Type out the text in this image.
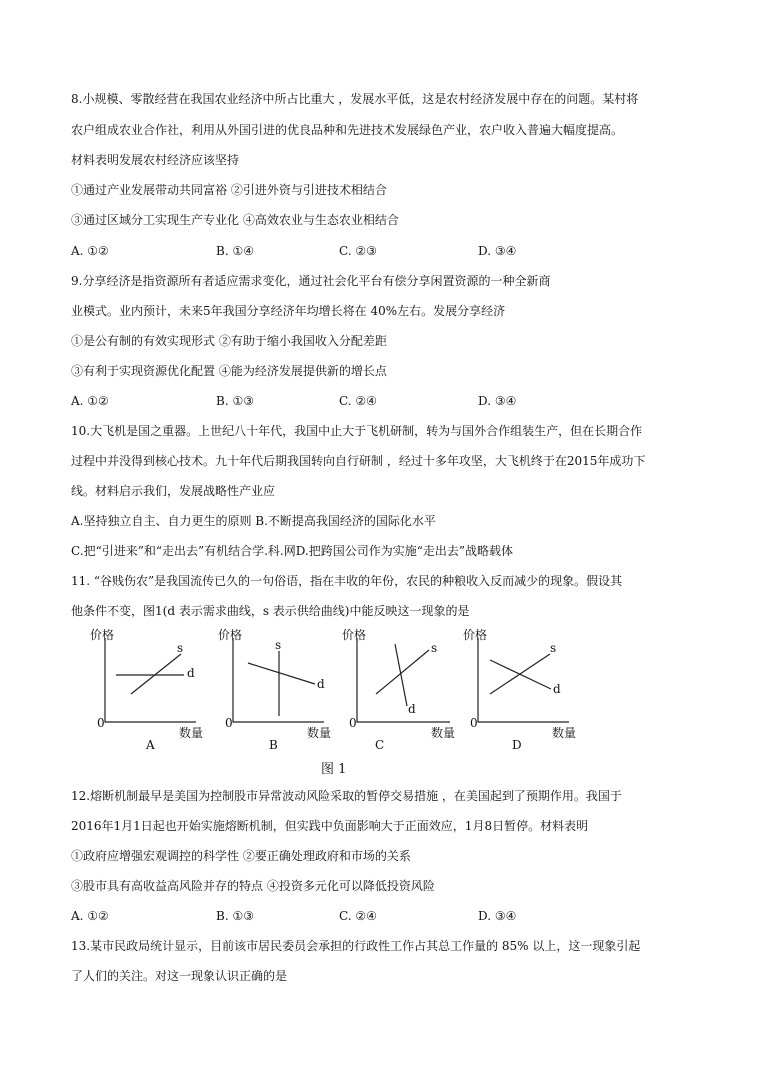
8.小规模、零散经营在我国农业经济中所占比重大 ，发展水平低，这是农村经济发展中存在的问题。某村将
农户组成农业合作社，利用从外国引进的优良品种和先进技术发展绿色产业，农户收入普遍大幅度提高。
材料表明发展农村经济应该坚持
①通过产业发展带动共同富裕 ②引进外资与引进技术相结合
③通过区域分工实现生产专业化 ④高效农业与生态农业相结合
A. ①②	B. ①④	C. ②③	D. ③④
9.分享经济是指资源所有者适应需求变化，通过社会化平台有偿分享闲置资源的一种全新商
业模式。业内预计，未来5年我国分享经济年均增长将在 40%左右。发展分享经济
①是公有制的有效实现形式 ②有助于缩小我国收入分配差距
③有利于实现资源优化配置 ④能为经济发展提供新的增长点
A. ①②	B. ①③	C. ②④	D. ③④
10.大飞机是国之重器。上世纪八十年代，我国中止大于飞机研制，转为与国外合作组装生产，但在长期合作
过程中并没得到核心技术。九十年代后期我国转向自行研制 ，经过十多年攻坚，大飞机终于在2015年成功下
线。材料启示我们，发展战略性产业应
A.坚持独立自主、自力更生的原则 B.不断提高我国经济的国际化水平
C.把“引进来”和“走出去”有机结合学.科.网D.把跨国公司作为实施“走出去”战略载体
11. “谷贱伤农”是我国流传已久的一句俗语，指在丰收的年份，农民的种粮收入反而减少的现象。假设其
他条件不变，图1(d 表示需求曲线，s 表示供给曲线)中能反映这一现象的是
价格
0
数量
s
d
A
价格
0
数量
s
d
B
价格
0
数量
s
d
C
价格
0
数量
s
d
D
图 1
12.熔断机制最早是美国为控制股市异常波动风险采取的暂停交易措施 ，在美国起到了预期作用。我国于
2016年1月1日起也开始实施熔断机制，但实践中负面影响大于正面效应，1月8日暂停。材料表明
①政府应增强宏观调控的科学性 ②要正确处理政府和市场的关系
③股市具有高收益高风险并存的特点 ④投资多元化可以降低投资风险
A. ①②	B. ①③	C. ②④	D. ③④
13.某市民政局统计显示，目前该市居民委员会承担的行政性工作占其总工作量的 85% 以上，这一现象引起
了人们的关注。对这一现象认识正确的是
